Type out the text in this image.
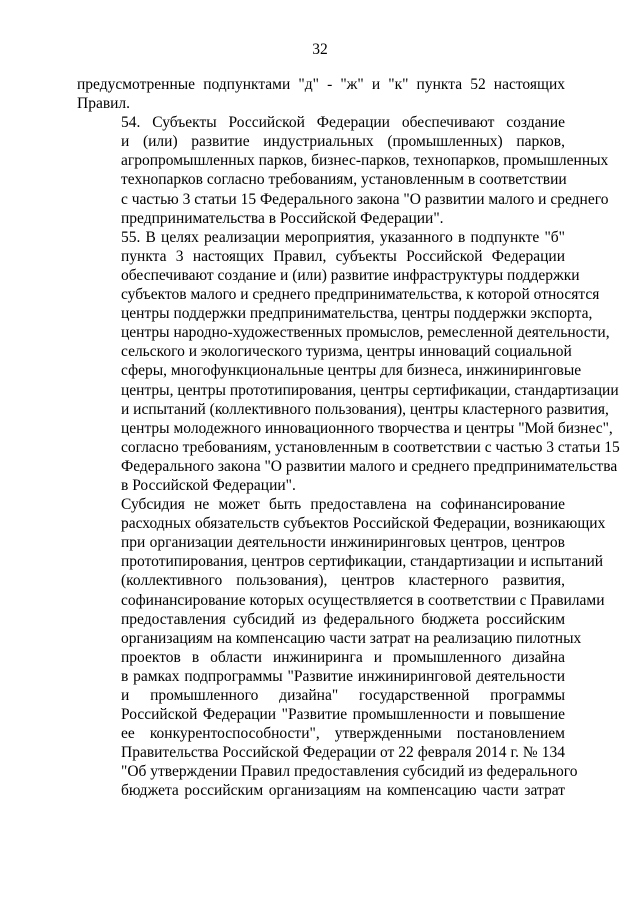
32

предусмотренные подпунктами "д" - "ж" и "к" пункта 52 настоящих
Правил.

54. Субъекты Российской Федерации обеспечивают создание
и (или) развитие индустриальных (промышленных) парков,
агропромышленных парков, бизнес-парков, технопарков, промышленных
технопарков согласно требованиям, установленным в соответствии
с частью 3 статьи 15 Федерального закона "О развитии малого и среднего
предпринимательства в Российской Федерации".

55. В целях реализации мероприятия, указанного в подпункте "б"
пункта 3 настоящих Правил, субъекты Российской Федерации
обеспечивают создание и (или) развитие инфраструктуры поддержки
субъектов малого и среднего предпринимательства, к которой относятся
центры поддержки предпринимательства, центры поддержки экспорта,
центры народно-художественных промыслов, ремесленной деятельности,
сельского и экологического туризма, центры инноваций социальной
сферы, многофункциональные центры для бизнеса, инжиниринговые
центры, центры прототипирования, центры сертификации, стандартизации
и испытаний (коллективного пользования), центры кластерного развития,
центры молодежного инновационного творчества и центры "Мой бизнес",
согласно требованиям, установленным в соответствии с частью 3 статьи 15
Федерального закона "О развитии малого и среднего предпринимательства
в Российской Федерации".

Субсидия не может быть предоставлена на софинансирование
расходных обязательств субъектов Российской Федерации, возникающих
при организации деятельности инжиниринговых центров, центров
прототипирования, центров сертификации, стандартизации и испытаний
(коллективного пользования), центров кластерного развития,
софинансирование которых осуществляется в соответствии с Правилами
предоставления субсидий из федерального бюджета российским
организациям на компенсацию части затрат на реализацию пилотных
проектов в области инжиниринга и промышленного дизайна
в рамках подпрограммы "Развитие инжиниринговой деятельности
и промышленного дизайна" государственной программы
Российской Федерации "Развитие промышленности и повышение
ее конкурентоспособности", утвержденными постановлением
Правительства Российской Федерации от 22 февраля 2014 г. № 134
"Об утверждении Правил предоставления субсидий из федерального
бюджета российским организациям на компенсацию части затрат
